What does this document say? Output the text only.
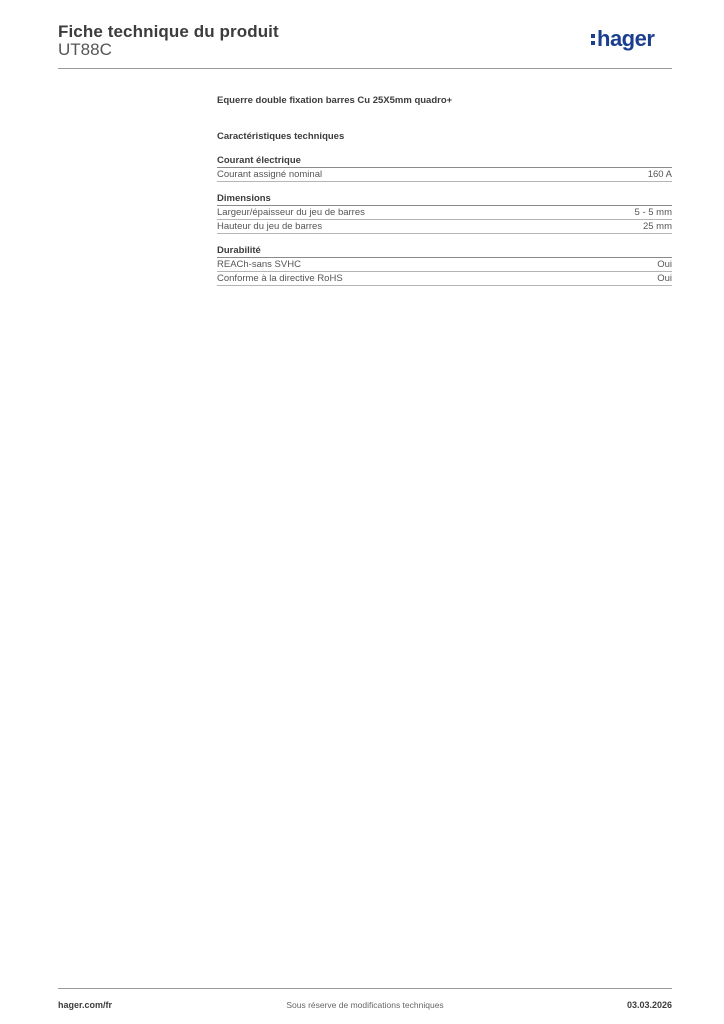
Fiche technique du produit
UT88C	hager
Equerre double fixation barres Cu 25X5mm quadro+
Caractéristiques techniques
Courant électrique
Courant assigné nominal	160 A
Dimensions
Largeur/épaisseur du jeu de barres	5 - 5 mm
Hauteur du jeu de barres	25 mm
Durabilité
REACh-sans SVHC	Oui
Conforme à la directive RoHS	Oui
hager.com/fr	Sous réserve de modifications techniques	03.03.2026
